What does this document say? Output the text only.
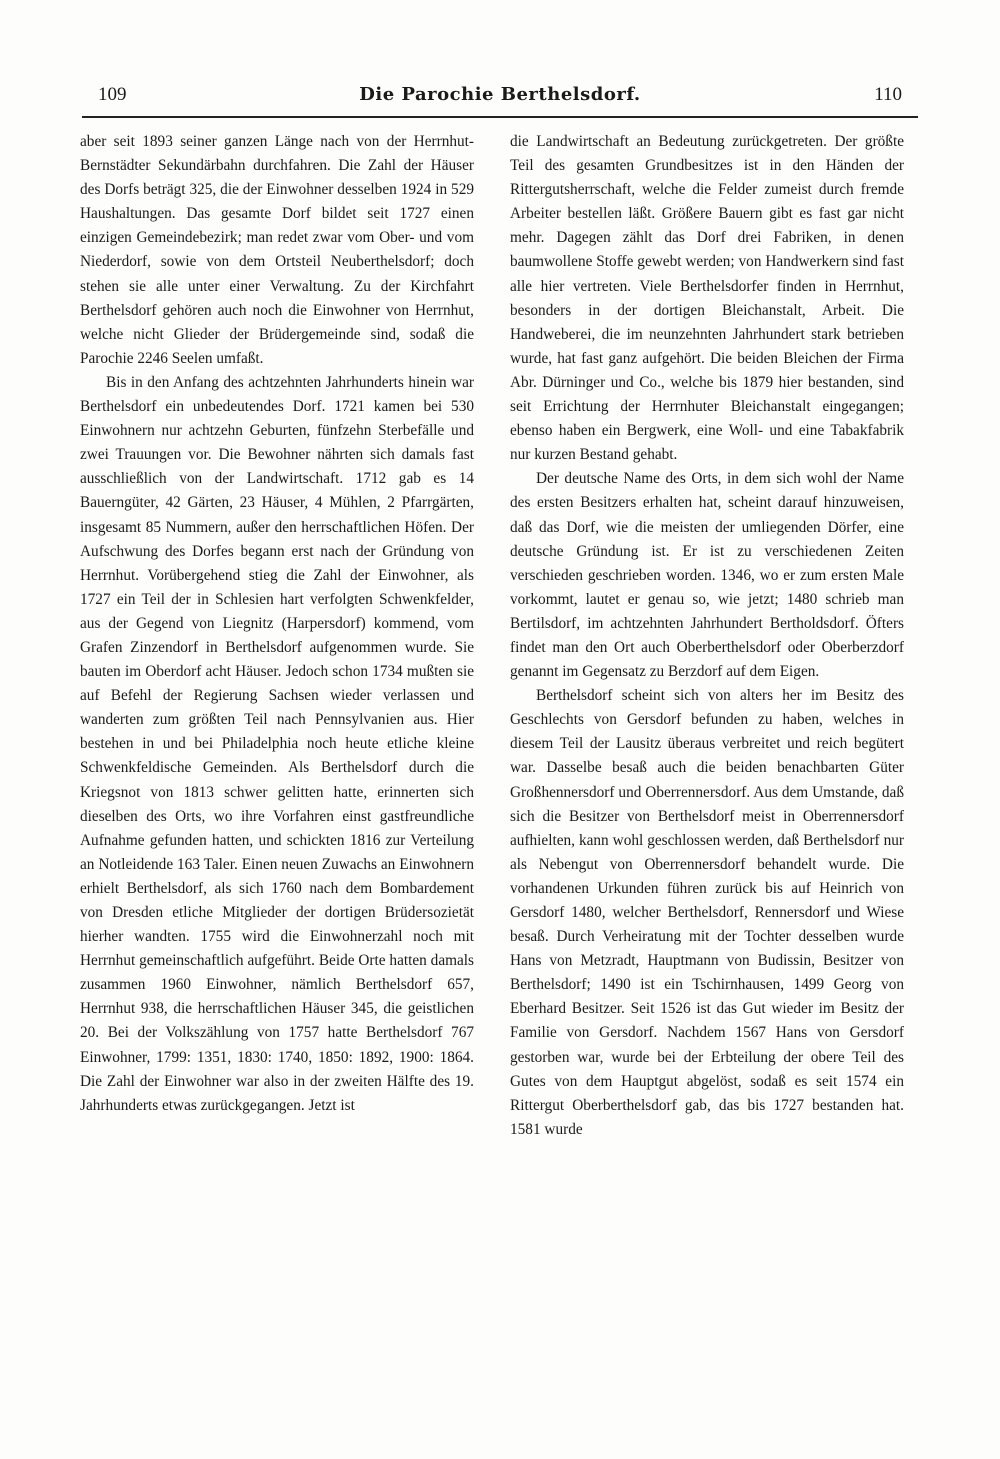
109	Die Parochie Berthelsdorf.	110

aber seit 1893 seiner ganzen Länge nach von der Herrnhut-Bernstädter Sekundärbahn durchfahren. Die Zahl der Häuser des Dorfs beträgt 325, die der Einwohner desselben 1924 in 529 Haushaltungen. Das gesamte Dorf bildet seit 1727 einen einzigen Gemeindebezirk; man redet zwar vom Ober- und vom Niederdorf, sowie von dem Ortsteil Neuberthelsdorf; doch stehen sie alle unter einer Verwaltung. Zu der Kirchfahrt Berthelsdorf gehören auch noch die Einwohner von Herrnhut, welche nicht Glieder der Brüdergemeinde sind, sodaß die Parochie 2246 Seelen umfaßt.

Bis in den Anfang des achtzehnten Jahrhunderts hinein war Berthelsdorf ein unbedeutendes Dorf. 1721 kamen bei 530 Einwohnern nur achtzehn Geburten, fünfzehn Sterbefälle und zwei Trauungen vor. Die Bewohner nährten sich damals fast ausschließlich von der Landwirtschaft. 1712 gab es 14 Bauerngüter, 42 Gärten, 23 Häuser, 4 Mühlen, 2 Pfarrgärten, insgesamt 85 Nummern, außer den herrschaftlichen Höfen. Der Aufschwung des Dorfes begann erst nach der Gründung von Herrnhut. Vorübergehend stieg die Zahl der Einwohner, als 1727 ein Teil der in Schlesien hart verfolgten Schwenkfelder, aus der Gegend von Liegnitz (Harpersdorf) kommend, vom Grafen Zinzendorf in Berthelsdorf aufgenommen wurde. Sie bauten im Oberdorf acht Häuser. Jedoch schon 1734 mußten sie auf Befehl der Regierung Sachsen wieder verlassen und wanderten zum größten Teil nach Pennsylvanien aus. Hier bestehen in und bei Philadelphia noch heute etliche kleine Schwenkfeldische Gemeinden. Als Berthelsdorf durch die Kriegsnot von 1813 schwer gelitten hatte, erinnerten sich dieselben des Orts, wo ihre Vorfahren einst gastfreundliche Aufnahme gefunden hatten, und schickten 1816 zur Verteilung an Notleidende 163 Taler. Einen neuen Zuwachs an Einwohnern erhielt Berthelsdorf, als sich 1760 nach dem Bombardement von Dresden etliche Mitglieder der dortigen Brüdersozietät hierher wandten. 1755 wird die Einwohnerzahl noch mit Herrnhut gemeinschaftlich aufgeführt. Beide Orte hatten damals zusammen 1960 Einwohner, nämlich Berthelsdorf 657, Herrnhut 938, die herrschaftlichen Häuser 345, die geistlichen 20. Bei der Volkszählung von 1757 hatte Berthelsdorf 767 Einwohner, 1799: 1351, 1830: 1740, 1850: 1892, 1900: 1864. Die Zahl der Einwohner war also in der zweiten Hälfte des 19. Jahrhunderts etwas zurückgegangen. Jetzt ist

die Landwirtschaft an Bedeutung zurückgetreten. Der größte Teil des gesamten Grundbesitzes ist in den Händen der Rittergutsherrschaft, welche die Felder zumeist durch fremde Arbeiter bestellen läßt. Größere Bauern gibt es fast gar nicht mehr. Dagegen zählt das Dorf drei Fabriken, in denen baumwollene Stoffe gewebt werden; von Handwerkern sind fast alle hier vertreten. Viele Berthelsdorfer finden in Herrnhut, besonders in der dortigen Bleichanstalt, Arbeit. Die Handweberei, die im neunzehnten Jahrhundert stark betrieben wurde, hat fast ganz aufgehört. Die beiden Bleichen der Firma Abr. Dürninger und Co., welche bis 1879 hier bestanden, sind seit Errichtung der Herrnhuter Bleichanstalt eingegangen; ebenso haben ein Bergwerk, eine Woll- und eine Tabakfabrik nur kurzen Bestand gehabt.

Der deutsche Name des Orts, in dem sich wohl der Name des ersten Besitzers erhalten hat, scheint darauf hinzuweisen, daß das Dorf, wie die meisten der umliegenden Dörfer, eine deutsche Gründung ist. Er ist zu verschiedenen Zeiten verschieden geschrieben worden. 1346, wo er zum ersten Male vorkommt, lautet er genau so, wie jetzt; 1480 schrieb man Bertilsdorf, im achtzehnten Jahrhundert Bertholdsdorf. Öfters findet man den Ort auch Oberberthelsdorf oder Oberberzdorf genannt im Gegensatz zu Berzdorf auf dem Eigen.

Berthelsdorf scheint sich von alters her im Besitz des Geschlechts von Gersdorf befunden zu haben, welches in diesem Teil der Lausitz überaus verbreitet und reich begütert war. Dasselbe besaß auch die beiden benachbarten Güter Großhennersdorf und Oberrennersdorf. Aus dem Umstande, daß sich die Besitzer von Berthelsdorf meist in Oberrennersdorf aufhielten, kann wohl geschlossen werden, daß Berthelsdorf nur als Nebengut von Oberrennersdorf behandelt wurde. Die vorhandenen Urkunden führen zurück bis auf Heinrich von Gersdorf 1480, welcher Berthelsdorf, Rennersdorf und Wiese besaß. Durch Verheiratung mit der Tochter desselben wurde Hans von Metzradt, Hauptmann von Budissin, Besitzer von Berthelsdorf; 1490 ist ein Tschirnhausen, 1499 Georg von Eberhard Besitzer. Seit 1526 ist das Gut wieder im Besitz der Familie von Gersdorf. Nachdem 1567 Hans von Gersdorf gestorben war, wurde bei der Erbteilung der obere Teil des Gutes von dem Hauptgut abgelöst, sodaß es seit 1574 ein Rittergut Oberberthelsdorf gab, das bis 1727 bestanden hat. 1581 wurde
